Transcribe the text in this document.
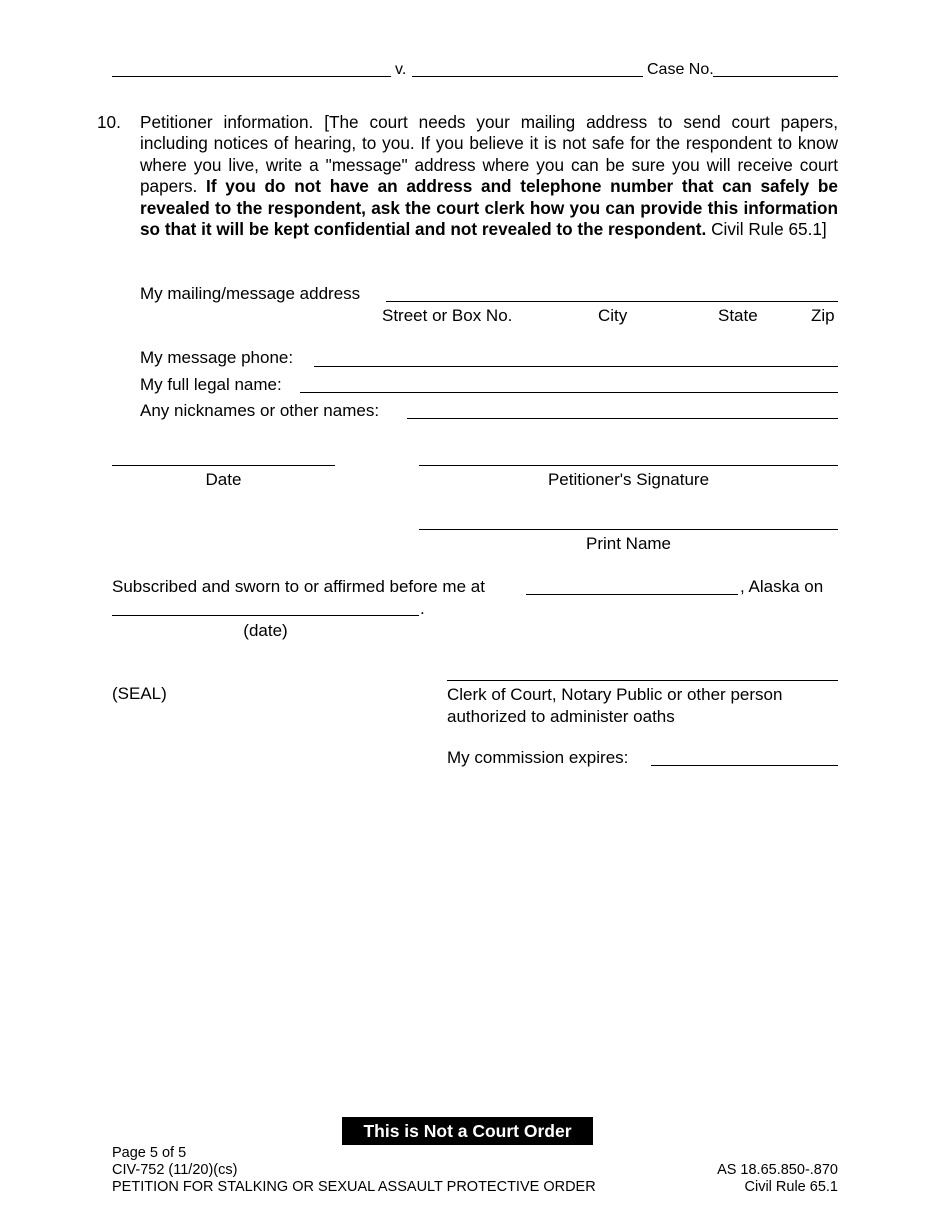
v.	Case No.
10. Petitioner information. [The court needs your mailing address to send court papers, including notices of hearing, to you. If you believe it is not safe for the respondent to know where you live, write a "message" address where you can be sure you will receive court papers. If you do not have an address and telephone number that can safely be revealed to the respondent, ask the court clerk how you can provide this information so that it will be kept confidential and not revealed to the respondent. Civil Rule 65.1]
My mailing/message address
Street or Box No.	City	State	Zip
My message phone:
My full legal name:
Any nicknames or other names:
Date	Petitioner's Signature
Print Name
Subscribed and sworn to or affirmed before me at	, Alaska on
.
(date)
(SEAL)	Clerk of Court, Notary Public or other person authorized to administer oaths
My commission expires:
This is Not a Court Order
Page 5 of 5
CIV-752 (11/20)(cs)
PETITION FOR STALKING OR SEXUAL ASSAULT PROTECTIVE ORDER
AS 18.65.850-.870
Civil Rule 65.1
